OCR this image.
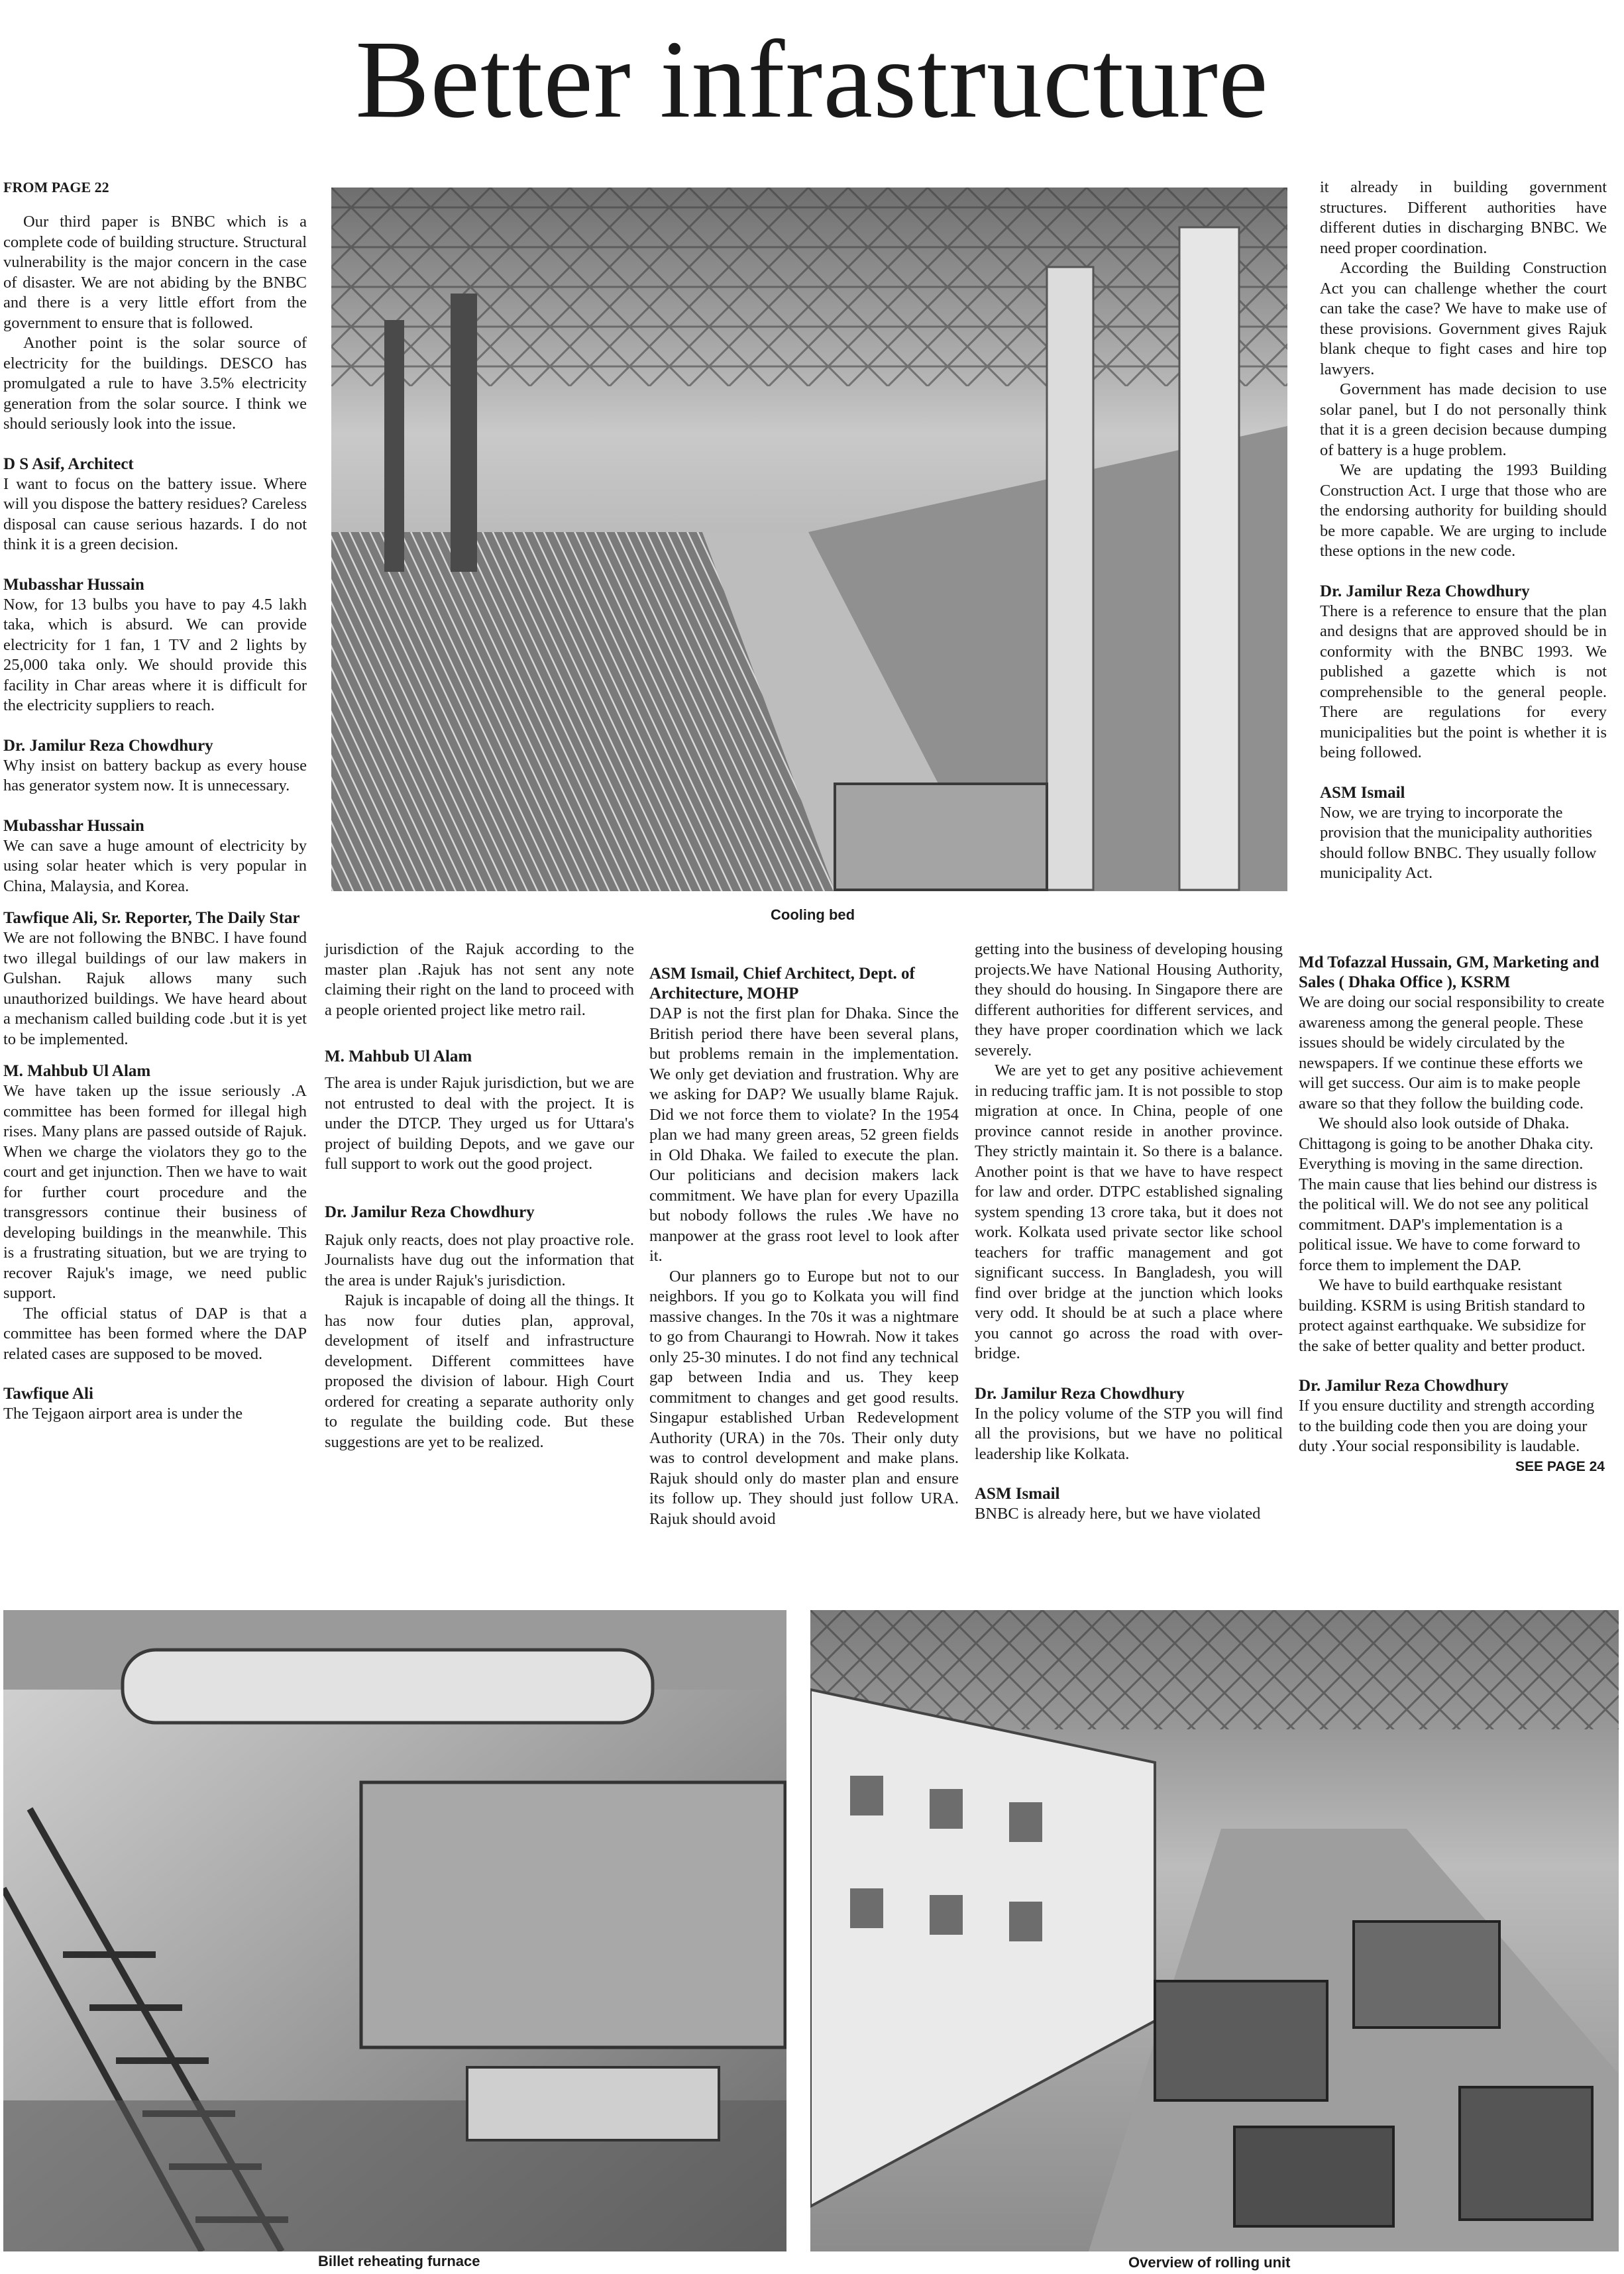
Better infrastructure
FROM PAGE 22

Our third paper is BNBC which is a complete code of building structure. Structural vulnerability is the major concern in the case of disaster. We are not abiding by the BNBC and there is a very little effort from the government to ensure that is followed.

Another point is the solar source of electricity for the buildings. DESCO has promulgated a rule to have 3.5% electricity generation from the solar source. I think we should seriously look into the issue.

D S Asif, Architect

I want to focus on the battery issue. Where will you dispose the battery residues? Careless disposal can cause serious hazards. I do not think it is a green decision.

Mubasshar Hussain

Now, for 13 bulbs you have to pay 4.5 lakh taka, which is absurd. We can provide electricity for 1 fan, 1 TV and 2 lights by 25,000 taka only. We should provide this facility in Char areas where it is difficult for the electricity suppliers to reach.

Dr. Jamilur Reza Chowdhury

Why insist on battery backup as every house has generator system now. It is unnecessary.

Mubasshar Hussain

We can save a huge amount of electricity by using solar heater which is very popular in China, Malaysia, and Korea.

Tawfique Ali, Sr. Reporter, The Daily Star

We are not following the BNBC. I have found two illegal buildings of our law makers in Gulshan. Rajuk allows many such unauthorized buildings. We have heard about a mechanism called building code .but it is yet to be implemented.

M. Mahbub Ul Alam

We have taken up the issue seriously .A committee has been formed for illegal high rises. Many plans are passed outside of Rajuk. When we charge the violators they go to the court and get injunction. Then we have to wait for further court procedure and the transgressors continue their business of developing buildings in the meanwhile. This is a frustrating situation, but we are trying to recover Rajuk's image, we need public support.

The official status of DAP is that a committee has been formed where the DAP related cases are supposed to be moved.

Tawfique Ali

The Tejgaon airport area is under the

Cooling bed

jurisdiction of the Rajuk according to the master plan .Rajuk has not sent any note claiming their right on the land to proceed with a people oriented project like metro rail.

M. Mahbub Ul Alam

The area is under Rajuk jurisdiction, but we are not entrusted to deal with the project. It is under the DTCP. They urged us for Uttara's project of building Depots, and we gave our full support to work out the good project.

Dr. Jamilur Reza Chowdhury

Rajuk only reacts, does not play proactive role. Journalists have dug out the information that the area is under Rajuk's jurisdiction.

Rajuk is incapable of doing all the things. It has now four duties plan, approval, development of itself and infrastructure development. Different committees have proposed the division of labour. High Court ordered for creating a separate authority only to regulate the building code. But these suggestions are yet to be realized.

ASM Ismail, Chief Architect, Dept. of Architecture, MOHP

DAP is not the first plan for Dhaka. Since the British period there have been several plans, but problems remain in the implementation. We only get deviation and frustration. Why are we asking for DAP? We usually blame Rajuk. Did we not force them to violate? In the 1954 plan we had many green areas, 52 green fields in Old Dhaka. We failed to execute the plan. Our politicians and decision makers lack commitment. We have plan for every Upazilla but nobody follows the rules .We have no manpower at the grass root level to look after it.

Our planners go to Europe but not to our neighbors. If you go to Kolkata you will find massive changes. In the 70s it was a nightmare to go from Chaurangi to Howrah. Now it takes only 25-30 minutes. I do not find any technical gap between India and us. They keep commitment to changes and get good results. Singapur established Urban Redevelopment Authority (URA) in the 70s. Their only duty was to control development and make plans. Rajuk should only do master plan and ensure its follow up. They should just follow URA. Rajuk should avoid

getting into the business of developing housing projects.We have National Housing Authority, they should do housing. In Singapore there are different authorities for different services, and they have proper coordination which we lack severely.

We are yet to get any positive achievement in reducing traffic jam. It is not possible to stop migration at once. In China, people of one province cannot reside in another province. They strictly maintain it. So there is a balance. Another point is that we have to have respect for law and order. DTPC established signaling system spending 13 crore taka, but it does not work. Kolkata used private sector like school teachers for traffic management and got significant success. In Bangladesh, you will find over bridge at the junction which looks very odd. It should be at such a place where you cannot go across the road with over-bridge.

Dr. Jamilur Reza Chowdhury

In the policy volume of the STP you will find all the provisions, but we have no political leadership like Kolkata.

ASM Ismail

BNBC is already here, but we have violated

it already in building government structures. Different authorities have different duties in discharging BNBC. We need proper coordination.

According the Building Construction Act you can challenge whether the court can take the case? We have to make use of these provisions. Government gives Rajuk blank cheque to fight cases and hire top lawyers.

Government has made decision to use solar panel, but I do not personally think that it is a green decision because dumping of battery is a huge problem.

We are updating the 1993 Building Construction Act. I urge that those who are the endorsing authority for building should be more capable. We are urging to include these options in the new code.

Dr. Jamilur Reza Chowdhury

There is a reference to ensure that the plan and designs that are approved should be in conformity with the BNBC 1993. We published a gazette which is not comprehensible to the general people. There are regulations for every municipalities but the point is whether it is being followed.

ASM Ismail

Now, we are trying to incorporate the provision that the municipality authorities should follow BNBC. They usually follow municipality Act.

Md Tofazzal Hussain, GM, Marketing and Sales ( Dhaka Office ), KSRM

We are doing our social responsibility to create awareness among the general people. These issues should be widely circulated by the newspapers. If we continue these efforts we will get success. Our aim is to make people aware so that they follow the building code.

We should also look outside of Dhaka. Chittagong is going to be another Dhaka city. Everything is moving in the same direction. The main cause that lies behind our distress is the political will. We do not see any political commitment. DAP's implementation is a political issue. We have to come forward to force them to implement the DAP.

We have to build earthquake resistant building. KSRM is using British standard to protect against earthquake. We subsidize for the sake of better quality and better product.

Dr. Jamilur Reza Chowdhury

If you ensure ductility and strength according to the building code then you are doing your duty .Your social responsibility is laudable.

SEE PAGE 24
Billet reheating furnace	Overview of rolling unit
